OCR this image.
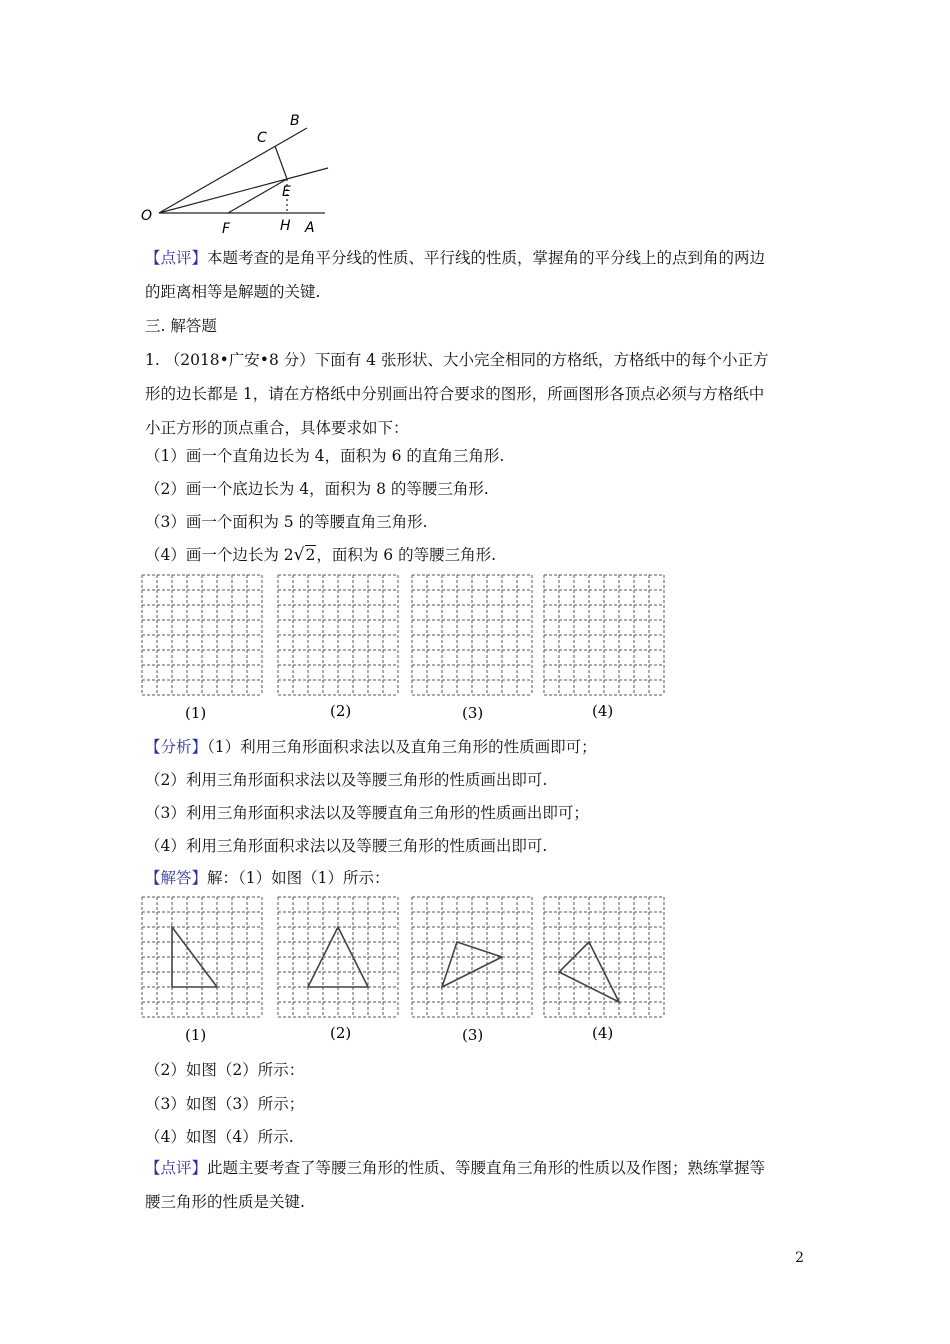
O
C
B
E
F	H A
【点评】本题考查的是角平分线的性质、平行线的性质，掌握角的平分线上的点到角的两边
的距离相等是解题的关键.
三. 解答题
1. （2018•广安•8 分）下面有 4 张形状、大小完全相同的方格纸，方格纸中的每个小正方
形的边长都是 1，请在方格纸中分别画出符合要求的图形，所画图形各顶点必须与方格纸中
小正方形的顶点重合，具体要求如下：
（1）画一个直角边长为 4，面积为 6 的直角三角形.
（2）画一个底边长为 4，面积为 8 的等腰三角形.
（3）画一个面积为 5 的等腰直角三角形.
（4）画一个边长为 2√2，面积为 6 的等腰三角形.
(1)	(2)	(3)	(4)
【分析】（1）利用三角形面积求法以及直角三角形的性质画即可；
（2）利用三角形面积求法以及等腰三角形的性质画出即可.
（3）利用三角形面积求法以及等腰直角三角形的性质画出即可；
（4）利用三角形面积求法以及等腰三角形的性质画出即可.
【解答】解：（1）如图（1）所示：
(1)	(2)	(3)	(4)
（2）如图（2）所示：
（3）如图（3）所示；
（4）如图（4）所示.
【点评】此题主要考查了等腰三角形的性质、等腰直角三角形的性质以及作图；熟练掌握等
腰三角形的性质是关键.
2
